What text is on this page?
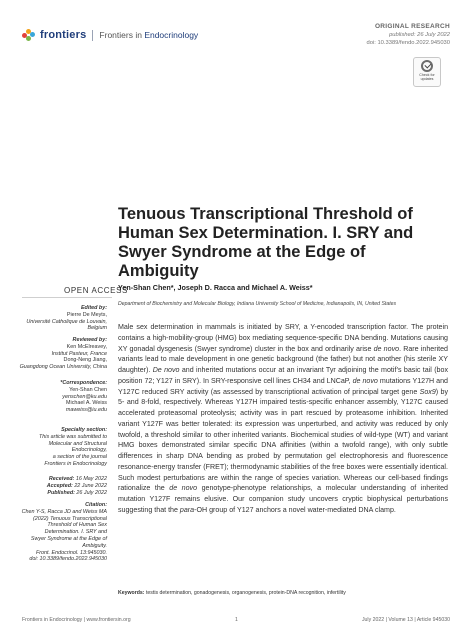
frontiers Frontiers in Endocrinology
ORIGINAL RESEARCH
published: 26 July 2022
doi: 10.3389/fendo.2022.945030
Check for updates
Tenuous Transcriptional Threshold of Human Sex Determination. I. SRY and Swyer Syndrome at the Edge of Ambiguity
OPEN ACCESS
Edited by:
Pierre De Meyts,
Université Catholique de Louvain,
Belgium
Reviewed by:
Ken McElreavey,
Institut Pasteur, France
Dong-Neng Jiang,
Guangdong Ocean University, China
*Correspondence:
Yen-Shan Chen
yenschen@ku.edu
Michael A. Weiss
maweiss@iu.edu
Specialty section:
This article was submitted to
Molecular and Structural
Endocrinology,
a section of the journal
Frontiers in Endocrinology
Received: 16 May 2022
Accepted: 22 June 2022
Published: 26 July 2022
Citation:
Chen Y-S, Racca JD and Weiss MA
(2022) Tenuous Transcriptional
Threshold of Human Sex
Determination. I. SRY and
Swyer Syndrome at the Edge of Ambiguity.
Front. Endocrinol. 13:945030.
doi: 10.3389/fendo.2022.945030
Yen-Shan Chen*, Joseph D. Racca and Michael A. Weiss*
Department of Biochemistry and Molecular Biology, Indiana University School of Medicine, Indianapolis, IN, United States
Male sex determination in mammals is initiated by SRY, a Y-encoded transcription factor. The protein contains a high-mobility-group (HMG) box mediating sequence-specific DNA bending. Mutations causing XY gonadal dysgenesis (Swyer syndrome) cluster in the box and ordinarily arise de novo. Rare inherited variants lead to male development in one genetic background (the father) but not another (his sterile XY daughter). De novo and inherited mutations occur at an invariant Tyr adjoining the motif’s basic tail (box position 72; Y127 in SRY). In SRY-responsive cell lines CH34 and LNCaP, de novo mutations Y127H and Y127C reduced SRY activity (as assessed by transcriptional activation of principal target gene Sox9) by 5- and 8-fold, respectively. Whereas Y127H impaired testis-specific enhancer assembly, Y127C caused accelerated proteasomal proteolysis; activity was in part rescued by proteasome inhibition. Inherited variant Y127F was better tolerated: its expression was unperturbed, and activity was reduced by only twofold, a threshold similar to other inherited variants. Biochemical studies of wild-type (WT) and variant HMG boxes demonstrated similar specific DNA affinities (within a twofold range), with only subtle differences in sharp DNA bending as probed by permutation gel electrophoresis and fluorescence resonance-energy transfer (FRET); thermodynamic stabilities of the free boxes were essentially identical. Such modest perturbations are within the range of species variation. Whereas our cell-based findings rationalize the de novo genotype-phenotype relationships, a molecular understanding of inherited mutation Y127F remains elusive. Our companion study uncovers cryptic biophysical perturbations suggesting that the para-OH group of Y127 anchors a novel water-mediated DNA clamp.
Keywords: testis determination, gonadogenesis, organogenesis, protein-DNA recognition, infertility
Frontiers in Endocrinology | www.frontiersin.org	1	July 2022 | Volume 13 | Article 945030
